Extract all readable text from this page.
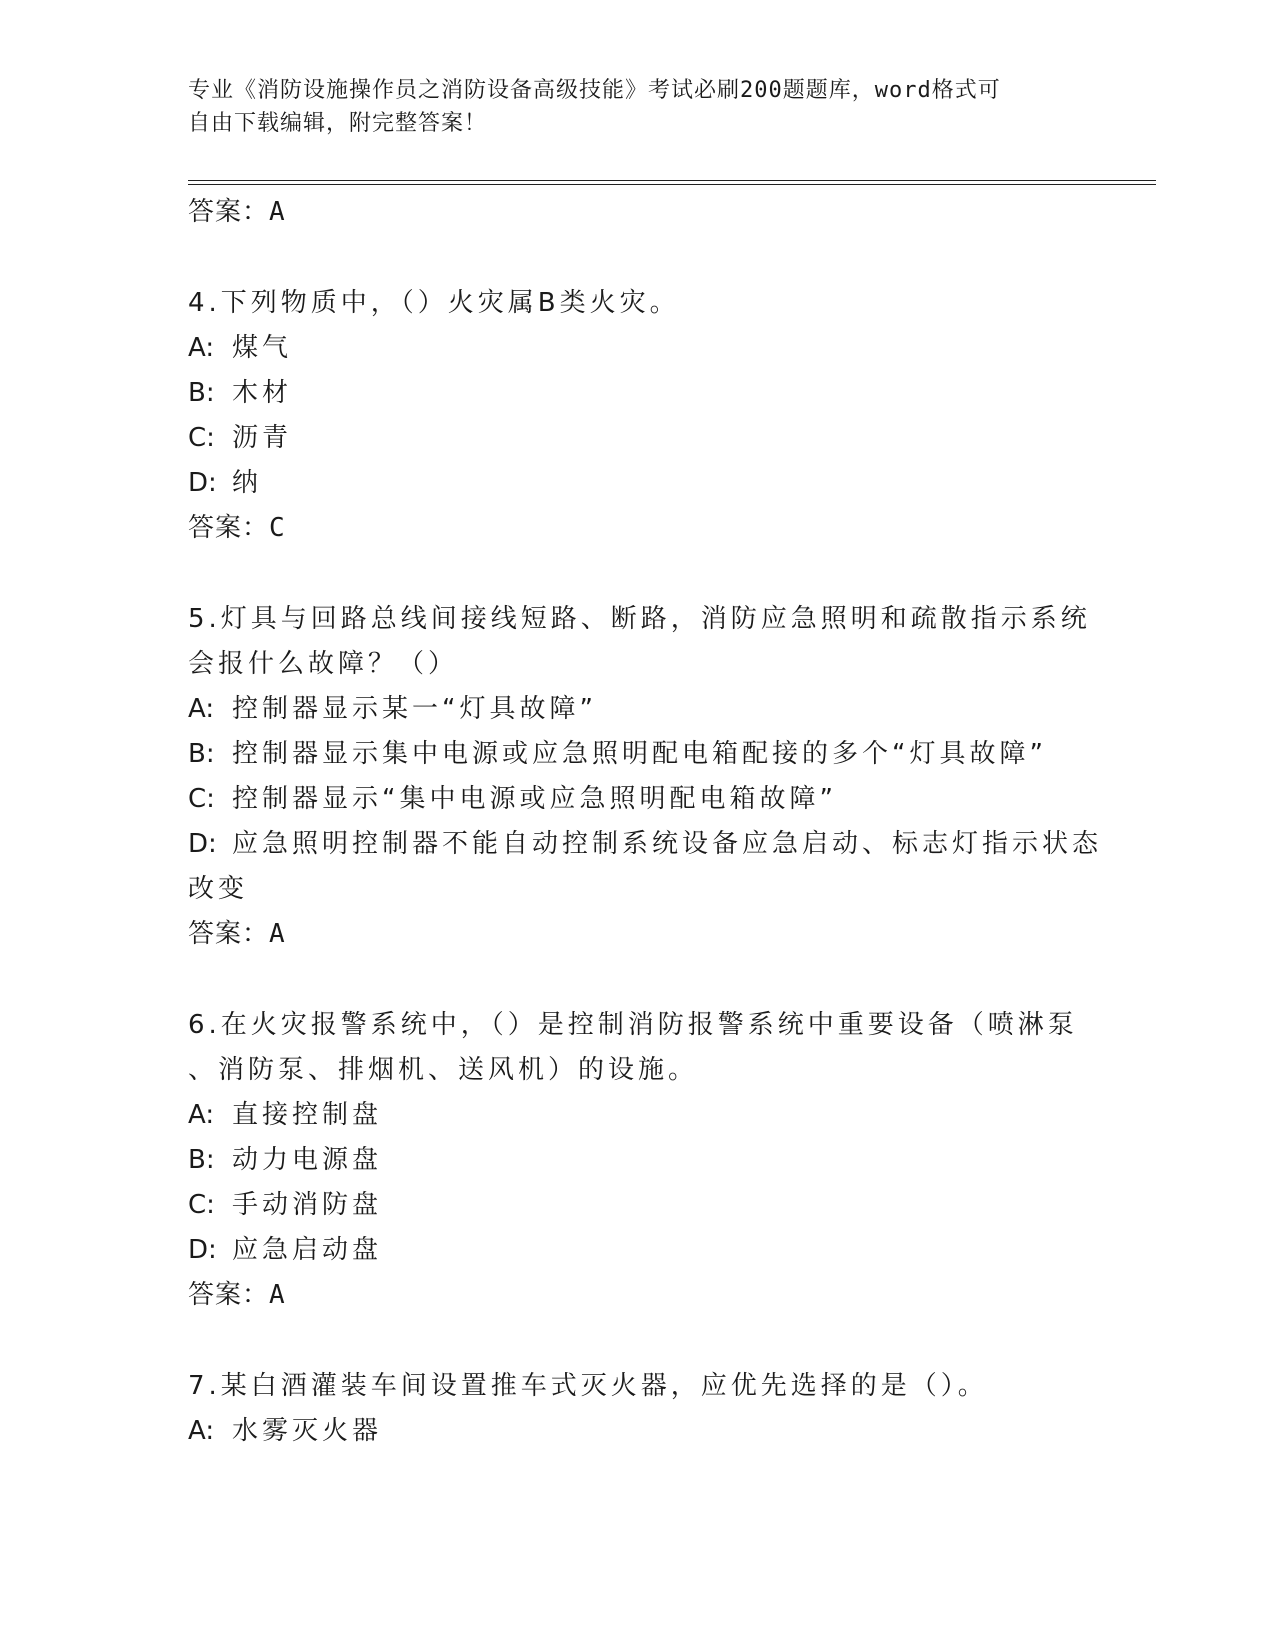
专业《消防设施操作员之消防设备高级技能》考试必刷200题题库，word格式可
自由下载编辑，附完整答案！
答案：A
4.下列物质中，（）火灾属B类火灾。
A: 煤气
B: 木材
C: 沥青
D: 纳
答案：C
5.灯具与回路总线间接线短路、断路，消防应急照明和疏散指示系统
会报什么故障？（）
A: 控制器显示某一“灯具故障”
B: 控制器显示集中电源或应急照明配电箱配接的多个“灯具故障”
C: 控制器显示“集中电源或应急照明配电箱故障”
D: 应急照明控制器不能自动控制系统设备应急启动、标志灯指示状态
改变
答案：A
6.在火灾报警系统中，（）是控制消防报警系统中重要设备（喷淋泵
、消防泵、排烟机、送风机）的设施。
A: 直接控制盘
B: 动力电源盘
C: 手动消防盘
D: 应急启动盘
答案：A
7.某白酒灌装车间设置推车式灭火器，应优先选择的是（）。
A: 水雾灭火器
